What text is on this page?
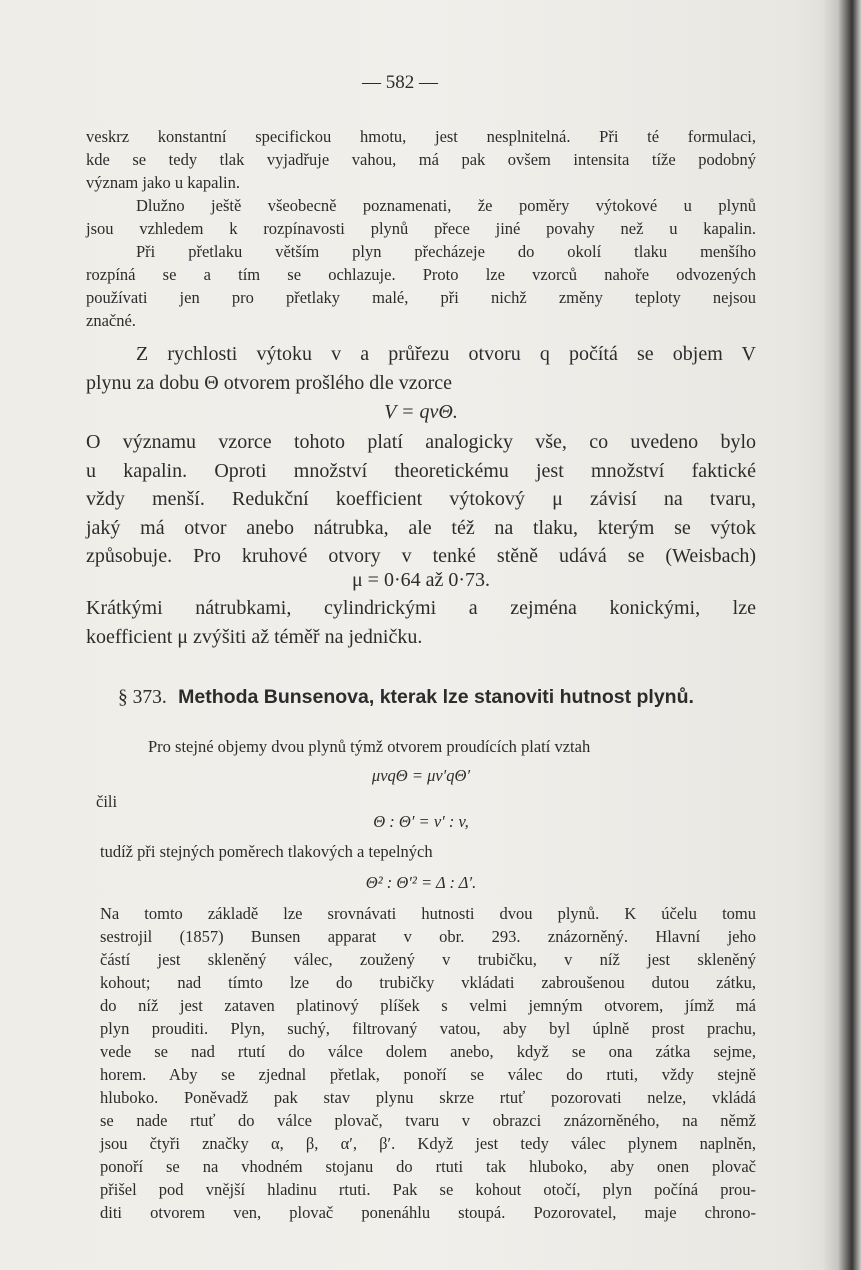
— 582 —
veskrz konstantní specifickou hmotu, jest nesplnitelná. Při té formulaci,
kde se tedy tlak vyjadřuje vahou, má pak ovšem intensita tíže podobný
význam jako u kapalin.
Dlužno ještě všeobecně poznamenati, že poměry výtokové u plynů
jsou vzhledem k rozpínavosti plynů přece jiné povahy než u kapalin.
Při přetlaku větším plyn přecházeje do okolí tlaku menšího
rozpíná se a tím se ochlazuje. Proto lze vzorců nahoře odvozených
používati jen pro přetlaky malé, při nichž změny teploty nejsou
značné.
Z rychlosti výtoku v a průřezu otvoru q počítá se objem V
plynu za dobu Θ otvorem prošlého dle vzorce
V = qvΘ.
O významu vzorce tohoto platí analogicky vše, co uvedeno bylo
u kapalin. Oproti množství theoretickému jest množství faktické
vždy menší. Redukční koefficient výtokový μ závisí na tvaru,
jaký má otvor anebo nátrubka, ale též na tlaku, kterým se výtok
způsobuje. Pro kruhové otvory v tenké stěně udává se (Weisbach)
μ = 0·64 až 0·73.
Krátkými nátrubkami, cylindrickými a zejména konickými, lze
koefficient μ zvýšiti až téměř na jedničku.
§ 373. Methoda Bunsenova, kterak lze stanoviti hutnost plynů.
Pro stejné objemy dvou plynů týmž otvorem proudících platí vztah
μvqΘ = μv′qΘ′
čili
Θ : Θ′ = v′ : v,
tudíž při stejných poměrech tlakových a tepelných
Θ² : Θ′² = Δ : Δ′.
Na tomto základě lze srovnávati hutnosti dvou plynů. K účelu tomu
sestrojil (1857) Bunsen apparat v obr. 293. znázorněný. Hlavní jeho
částí jest skleněný válec, zoužený v trubičku, v níž jest skleněný
kohout; nad tímto lze do trubičky vkládati zabroušenou dutou zátku,
do níž jest zataven platinový plíšek s velmi jemným otvorem, jímž má
plyn prouditi. Plyn, suchý, filtrovaný vatou, aby byl úplně prost prachu,
vede se nad rtutí do válce dolem anebo, když se ona zátka sejme,
horem. Aby se zjednal přetlak, ponoří se válec do rtuti, vždy stejně
hluboko. Poněvadž pak stav plynu skrze rtuť pozorovati nelze, vkládá
se nade rtuť do válce plovač, tvaru v obrazci znázorněného, na němž
jsou čtyři značky α, β, α′, β′. Když jest tedy válec plynem naplněn,
ponoří se na vhodném stojanu do rtuti tak hluboko, aby onen plovač
přišel pod vnější hladinu rtuti. Pak se kohout otočí, plyn počíná prou-
diti otvorem ven, plovač ponenáhlu stoupá. Pozorovatel, maje chrono-
